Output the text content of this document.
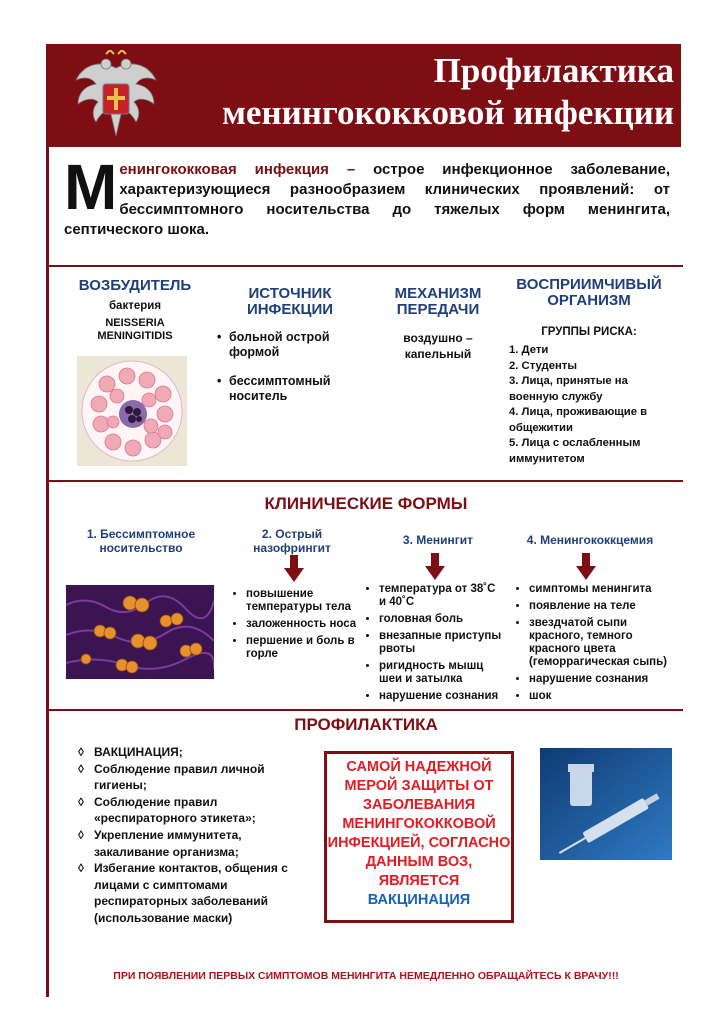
Профилактика
менингококковой инфекции
Менингококковая инфекция – острое инфекционное заболевание, характеризующиеся разнообразием клинических проявлений: от бессимптомного носительства до тяжелых форм менингита, септического шока.
ВОЗБУДИТЕЛЬ
бактерия
NEISSERIA
MENINGITIDIS
ИСТОЧНИК
ИНФЕКЦИИ
• больной острой формой
• бессимптомный носитель
МЕХАНИЗМ
ПЕРЕДАЧИ
воздушно –
капельный
ВОСПРИИМЧИВЫЙ
ОРГАНИЗМ
ГРУППЫ РИСКА:
1. Дети
2. Студенты
3. Лица, принятые на военную службу
4. Лица, проживающие в общежитии
5. Лица с ослабленным иммунитетом
КЛИНИЧЕСКИЕ ФОРМЫ
1. Бессимптомное
носительство
2. Острый
назофрингит
• повышение температуры тела
• заложенность носа
• першение и боль в горле
3. Менингит
• температура от 38˚С и 40˚С
• головная боль
• внезапные приступы рвоты
• ригидность мышц шеи и затылка
• нарушение сознания
4. Менингококкцемия
• симптомы менингита
• появление на теле
• звездчатой сыпи красного, темного красного цвета (геморрагическая сыпь)
• нарушение сознания
• шок
ПРОФИЛАКТИКА
◊ ВАКЦИНАЦИЯ;
◊ Соблюдение правил личной гигиены;
◊ Соблюдение правил «респираторного этикета»;
◊ Укрепление иммунитета, закаливание организма;
◊ Избегание контактов, общения с лицами с симптомами респираторных заболеваний (использование маски)
САМОЙ НАДЕЖНОЙ МЕРОЙ ЗАЩИТЫ ОТ ЗАБОЛЕВАНИЯ МЕНИНГОКОККОВОЙ ИНФЕКЦИЕЙ, СОГЛАСНО ДАННЫМ ВОЗ, ЯВЛЯЕТСЯ
ВАКЦИНАЦИЯ
ПРИ ПОЯВЛЕНИИ ПЕРВЫХ СИМПТОМОВ МЕНИНГИТА НЕМЕДЛЕННО ОБРАЩАЙТЕСЬ К ВРАЧУ!!!
